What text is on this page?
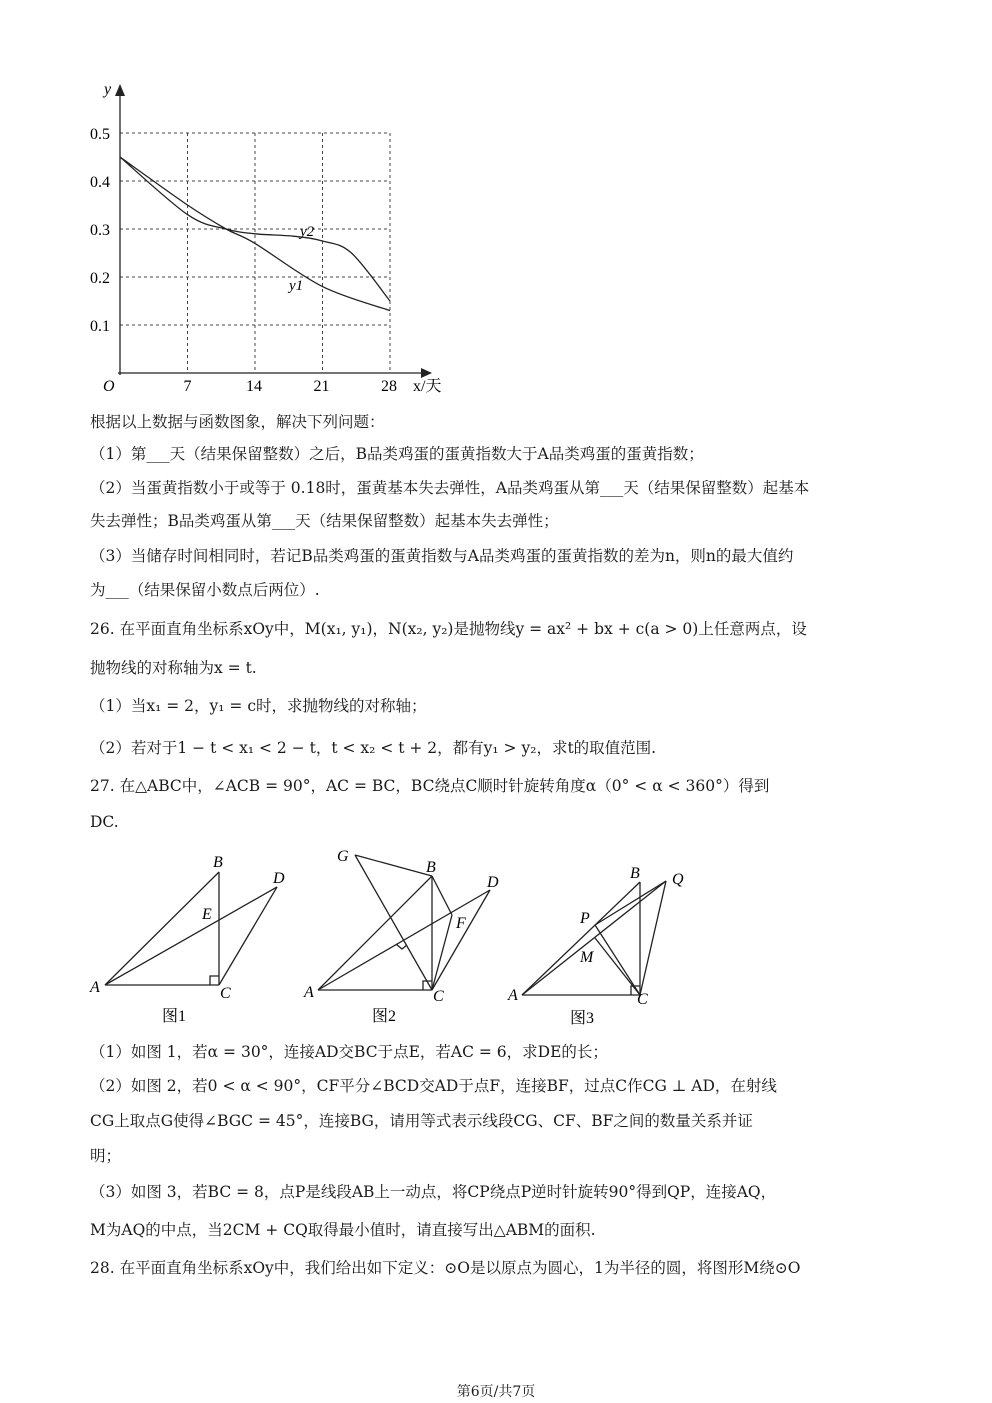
y
x/天
O
0.5
0.4
0.3
0.2
0.1
7	14	21	28
y1
y2
根据以上数据与函数图象，解决下列问题：
（1）第___天（结果保留整数）之后，B品类鸡蛋的蛋黄指数大于A品类鸡蛋的蛋黄指数；
（2）当蛋黄指数小于或等于 0.18时，蛋黄基本失去弹性，A品类鸡蛋从第___天（结果保留整数）起基本
失去弹性；B品类鸡蛋从第___天（结果保留整数）起基本失去弹性；
（3）当储存时间相同时，若记B品类鸡蛋的蛋黄指数与A品类鸡蛋的蛋黄指数的差为n，则n的最大值约
为___（结果保留小数点后两位）.
26. 在平面直角坐标系xOy中，M(x₁, y₁)，N(x₂, y₂)是抛物线y = ax² + bx + c(a > 0)上任意两点，设
抛物线的对称轴为x = t.
（1）当x₁ = 2，y₁ = c时，求抛物线的对称轴；
（2）若对于1 − t < x₁ < 2 − t，t < x₂ < t + 2，都有y₁ > y₂，求t的取值范围.
27. 在△ABC中，∠ACB = 90°，AC = BC，BC绕点C顺时针旋转角度α（0° < α < 360°）得到
DC.
A
B
C
D
E
图1
A
B
C
D
F
G
图2
A
B
C
P
Q
M
图3
（1）如图 1，若α = 30°，连接AD交BC于点E，若AC = 6，求DE的长；
（2）如图 2，若0 < α < 90°，CF平分∠BCD交AD于点F，连接BF，过点C作CG ⊥ AD，在射线
CG上取点G使得∠BGC = 45°，连接BG，请用等式表示线段CG、CF、BF之间的数量关系并证
明；
（3）如图 3，若BC = 8，点P是线段AB上一动点，将CP绕点P逆时针旋转90°得到QP，连接AQ，
M为AQ的中点，当2CM + CQ取得最小值时，请直接写出△ABM的面积.
28. 在平面直角坐标系xOy中，我们给出如下定义：⊙O是以原点为圆心，1为半径的圆，将图形M绕⊙O
第6页/共7页
